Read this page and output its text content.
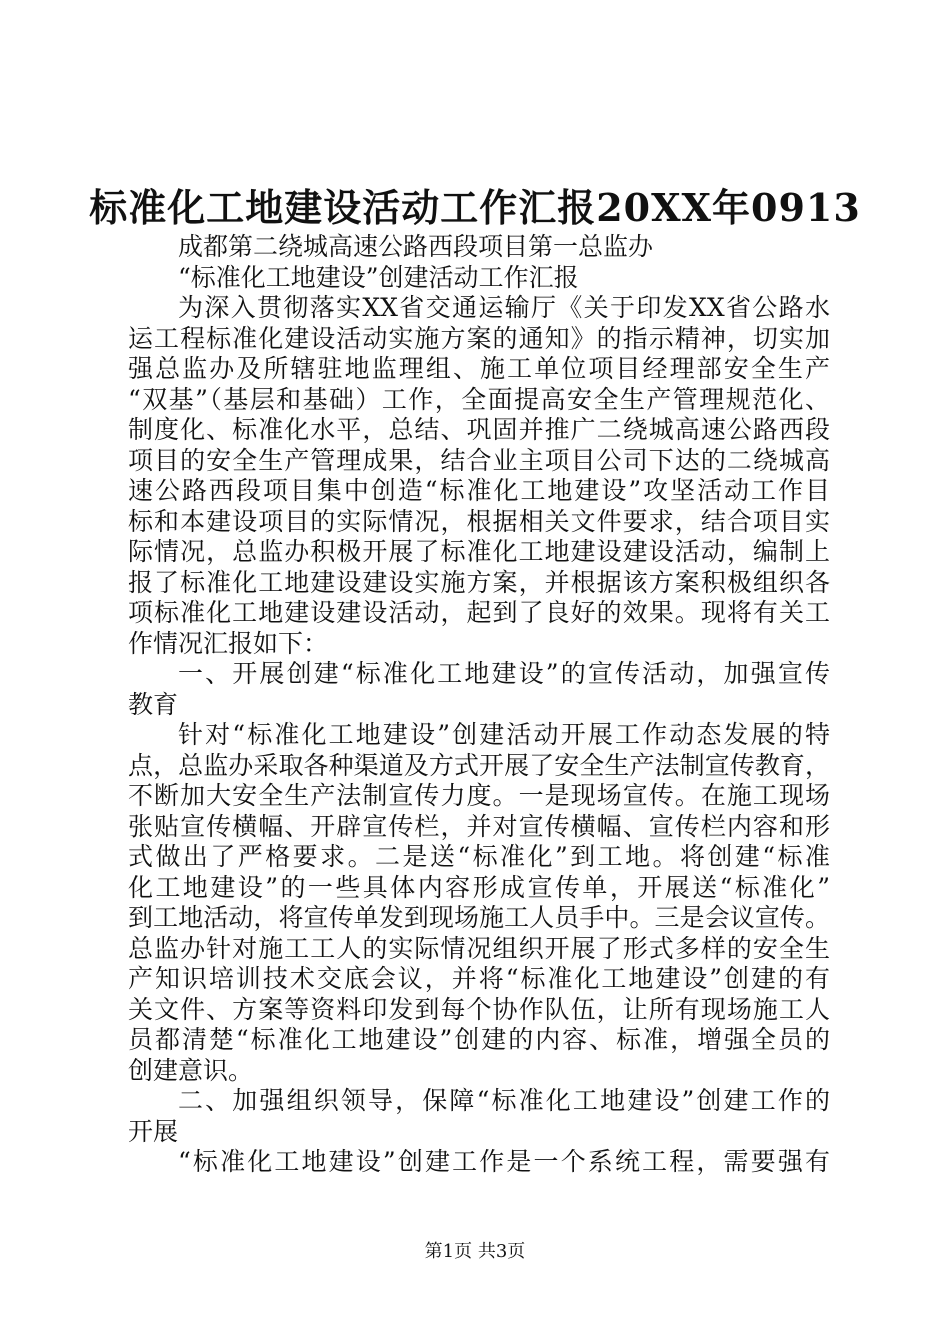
标准化工地建设活动工作汇报20XX年0913
成都第二绕城高速公路西段项目第一总监办
“标准化工地建设”创建活动工作汇报
为深入贯彻落实XX省交通运输厅《关于印发XX省公路水
运工程标准化建设活动实施方案的通知》的指示精神，切实加
强总监办及所辖驻地监理组、施工单位项目经理部安全生产
“双基”（基层和基础）工作，全面提高安全生产管理规范化、
制度化、标准化水平，总结、巩固并推广二绕城高速公路西段
项目的安全生产管理成果，结合业主项目公司下达的二绕城高
速公路西段项目集中创造“标准化工地建设”攻坚活动工作目
标和本建设项目的实际情况，根据相关文件要求，结合项目实
际情况，总监办积极开展了标准化工地建设建设活动，编制上
报了标准化工地建设建设实施方案，并根据该方案积极组织各
项标准化工地建设建设活动，起到了良好的效果。现将有关工
作情况汇报如下：
一、开展创建“标准化工地建设”的宣传活动，加强宣传
教育
针对“标准化工地建设”创建活动开展工作动态发展的特
点，总监办采取各种渠道及方式开展了安全生产法制宣传教育，
不断加大安全生产法制宣传力度。一是现场宣传。在施工现场
张贴宣传横幅、开辟宣传栏，并对宣传横幅、宣传栏内容和形
式做出了严格要求。二是送“标准化”到工地。将创建“标准
化工地建设”的一些具体内容形成宣传单，开展送“标准化”
到工地活动，将宣传单发到现场施工人员手中。三是会议宣传。
总监办针对施工工人的实际情况组织开展了形式多样的安全生
产知识培训技术交底会议，并将“标准化工地建设”创建的有
关文件、方案等资料印发到每个协作队伍，让所有现场施工人
员都清楚“标准化工地建设”创建的内容、标准，增强全员的
创建意识。
二、加强组织领导，保障“标准化工地建设”创建工作的
开展
“标准化工地建设”创建工作是一个系统工程，需要强有
第1页 共3页
